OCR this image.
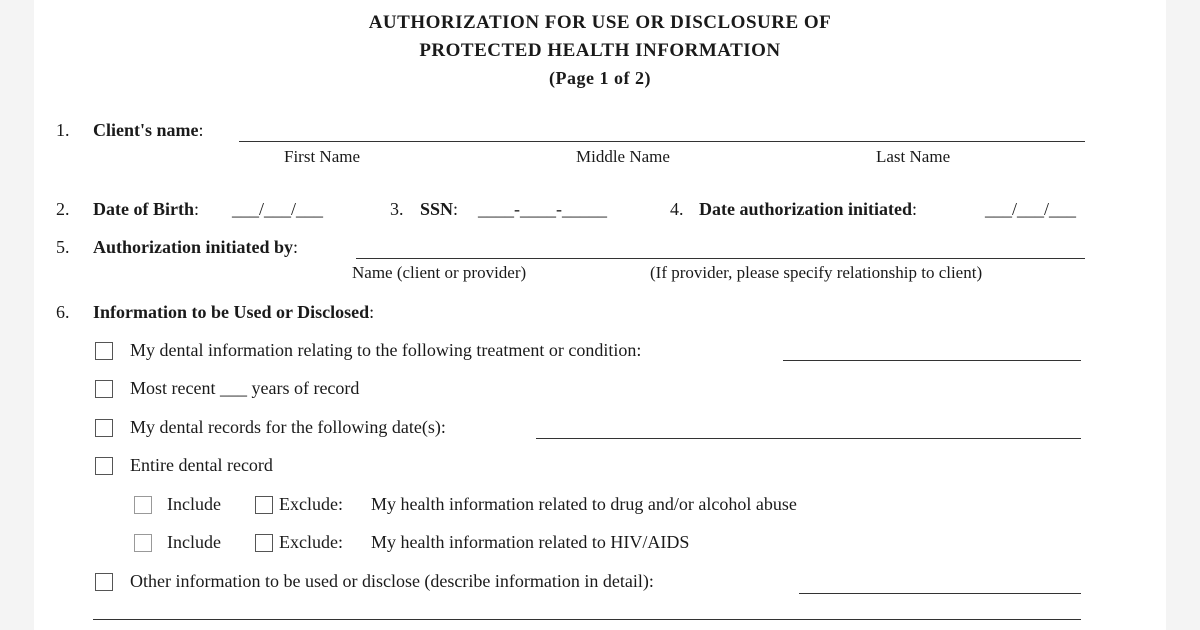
AUTHORIZATION FOR USE OR DISCLOSURE OF
PROTECTED HEALTH INFORMATION
(Page 1 of 2)
1. Client's name:
First Name	Middle Name	Last Name
2. Date of Birth: ___/___/___	3. SSN: ____-____-_____	4. Date authorization initiated:	___/___/___
5. Authorization initiated by:
Name (client or provider)	(If provider, please specify relationship to client)
6. Information to be Used or Disclosed:
My dental information relating to the following treatment or condition:
Most recent ___ years of record
My dental records for the following date(s):
Entire dental record
Include	Exclude: My health information related to drug and/or alcohol abuse
Include	Exclude: My health information related to HIV/AIDS
Other information to be used or disclose (describe information in detail):
